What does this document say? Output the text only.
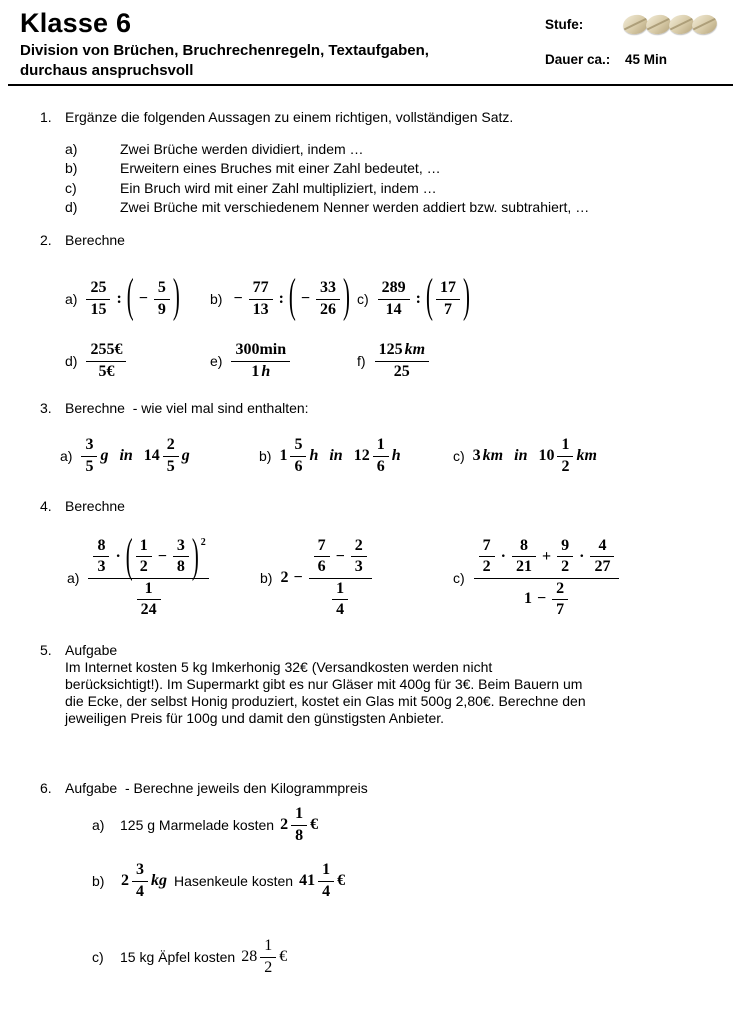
Klasse 6
Division von Brüchen, Bruchrechenregeln, Textaufgaben,
durchaus anspruchsvoll
Stufe:
Dauer ca.:	45 Min
1. Ergänze die folgenden Aussagen zu einem richtigen, vollständigen Satz.
a)	Zwei Brüche werden dividiert, indem …
b)	Erweitern eines Bruches mit einer Zahl bedeutet, …
c)	Ein Bruch wird mit einer Zahl multipliziert, indem …
d)	Zwei Brüche mit verschiedenem Nenner werden addiert bzw. subtrahiert, …
2. Berechne
$a) \frac{25}{15}$ : ( − $\frac{5}{9}$ ) $b) - \frac{77}{13}$ : ( − $\frac{33}{26}$ ) $c) \frac{289}{14}$ : ( $\frac{17}{7}$ )
$d) \frac{255€}{5€}$	$e) \frac{300\min}{1 h}$	$f) \frac{125 km}{25}$
3. Berechne  - wie viel mal sind enthalten:
$a) \frac{3}{5}$ g in $14 \frac{2}{5}$ g	b) $1 \frac{5}{6}$ h in $12 \frac{1}{6}$ h	c) 3 km in $10 \frac{1}{2}$ km
4. Berechne
$a) \frac{\frac{8}{3} \cdot ( \frac{1}{2} - \frac{3}{8} ) 2}{\frac{1}{24}}$	b) $2 - \frac{\frac{7}{6} - \frac{2}{3}}{\frac{1}{4}}$	$c) \frac{\frac{7}{2} \cdot \frac{8}{21} + \frac{9}{2} \cdot \frac{4}{27}}{1 - \frac{2}{7}}$
5. Aufgabe
Im Internet kosten 5 kg Imkerhonig 32€ (Versandkosten werden nicht
berücksichtigt!). Im Supermarkt gibt es nur Gläser mit 400g für 3€. Beim Bauern um
die Ecke, der selbst Honig produziert, kostet ein Glas mit 500g 2,80€. Berechne den
jeweiligen Preis für 100g und damit den günstigsten Anbieter.
6. Aufgabe  - Berechne jeweils den Kilogrammpreis
a)	125 g Marmelade kosten $2 \frac{1}{8}$ €
b)	$2 \frac{3}{4}$ kg Hasenkeule kosten $41 \frac{1}{4}$ €
c)	15 kg Äpfel kosten $28 \frac{1}{2}$ €
